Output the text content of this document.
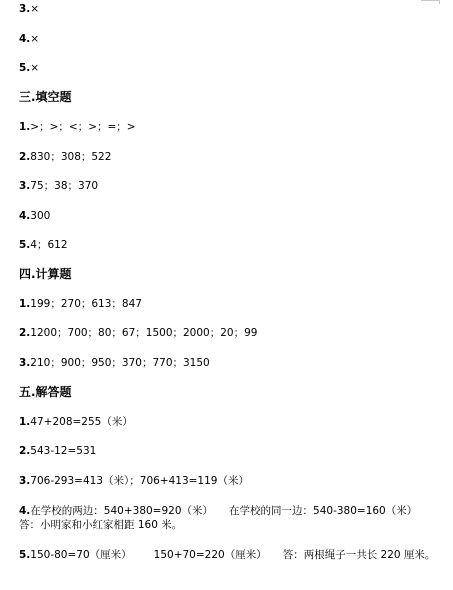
3.×
4.×
5.×
三.填空题
1.>；>；<；>；=；>
2.830；308；522
3.75；38；370
4.300
5.4；612
四.计算题
1.199；270；613；847
2.1200；700；80；67；1500；2000；20；99
3.210；900；950；370；770；3150
五.解答题
1.47+208=255（米）
2.543-12=531
3.706-293=413（米）；706+413=119（米）
4.在学校的两边：540+380=920（米） 在学校的同一边：540-380=160（米）
答：小明家和小红家相距 160 米。
5.150-80=70（厘米） 150+70=220（厘米） 答：两根绳子一共长 220 厘米。
